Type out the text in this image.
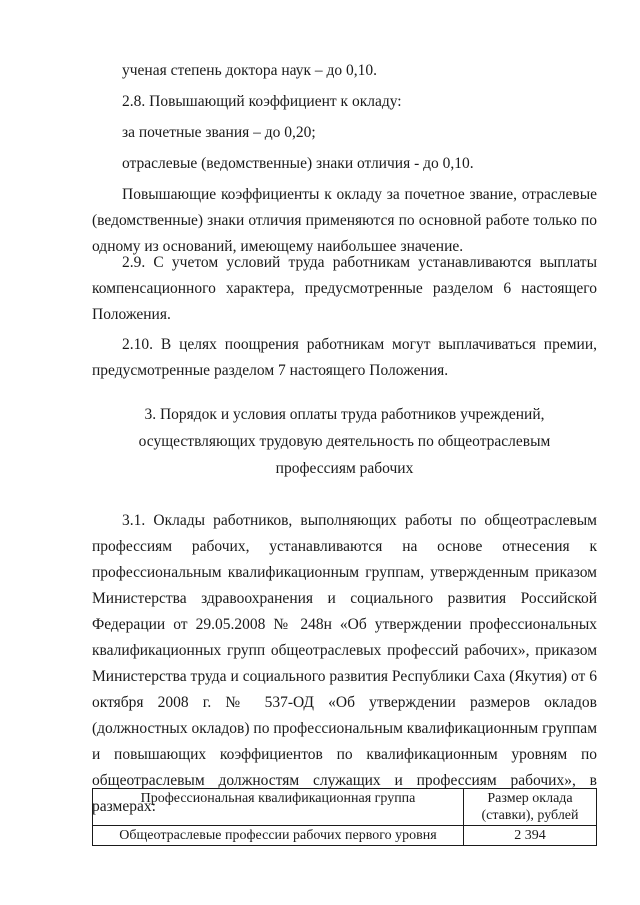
ученая степень доктора наук – до 0,10.

2.8. Повышающий коэффициент к окладу:

за почетные звания – до 0,20;

отраслевые (ведомственные) знаки отличия - до 0,10.

Повышающие коэффициенты к окладу за почетное звание, отраслевые (ведомственные) знаки отличия применяются по основной работе только по одному из оснований, имеющему наибольшее значение.

2.9. С учетом условий труда работникам устанавливаются выплаты компенсационного характера, предусмотренные разделом 6 настоящего Положения.

2.10. В целях поощрения работникам могут выплачиваться премии, предусмотренные разделом 7 настоящего Положения.

3. Порядок и условия оплаты труда работников учреждений,
осуществляющих трудовую деятельность по общеотраслевым
профессиям рабочих

3.1. Оклады работников, выполняющих работы по общеотраслевым профессиям рабочих, устанавливаются на основе отнесения к профессиональным квалификационным группам, утвержденным приказом Министерства здравоохранения и социального развития Российской Федерации от 29.05.2008 № 248н «Об утверждении профессиональных квалификационных групп общеотраслевых профессий рабочих», приказом Министерства труда и социального развития Республики Саха (Якутия) от 6 октября 2008 г. № 537-ОД «Об утверждении размеров окладов (должностных окладов) по профессиональным квалификационным группам и повышающих коэффициентов по квалификационным уровням по общеотраслевым должностям служащих и профессиям рабочих», в размерах:

Профессиональная квалификационная группа	Размер оклада
(ставки), рублей
Общеотраслевые профессии рабочих первого уровня	2 394
